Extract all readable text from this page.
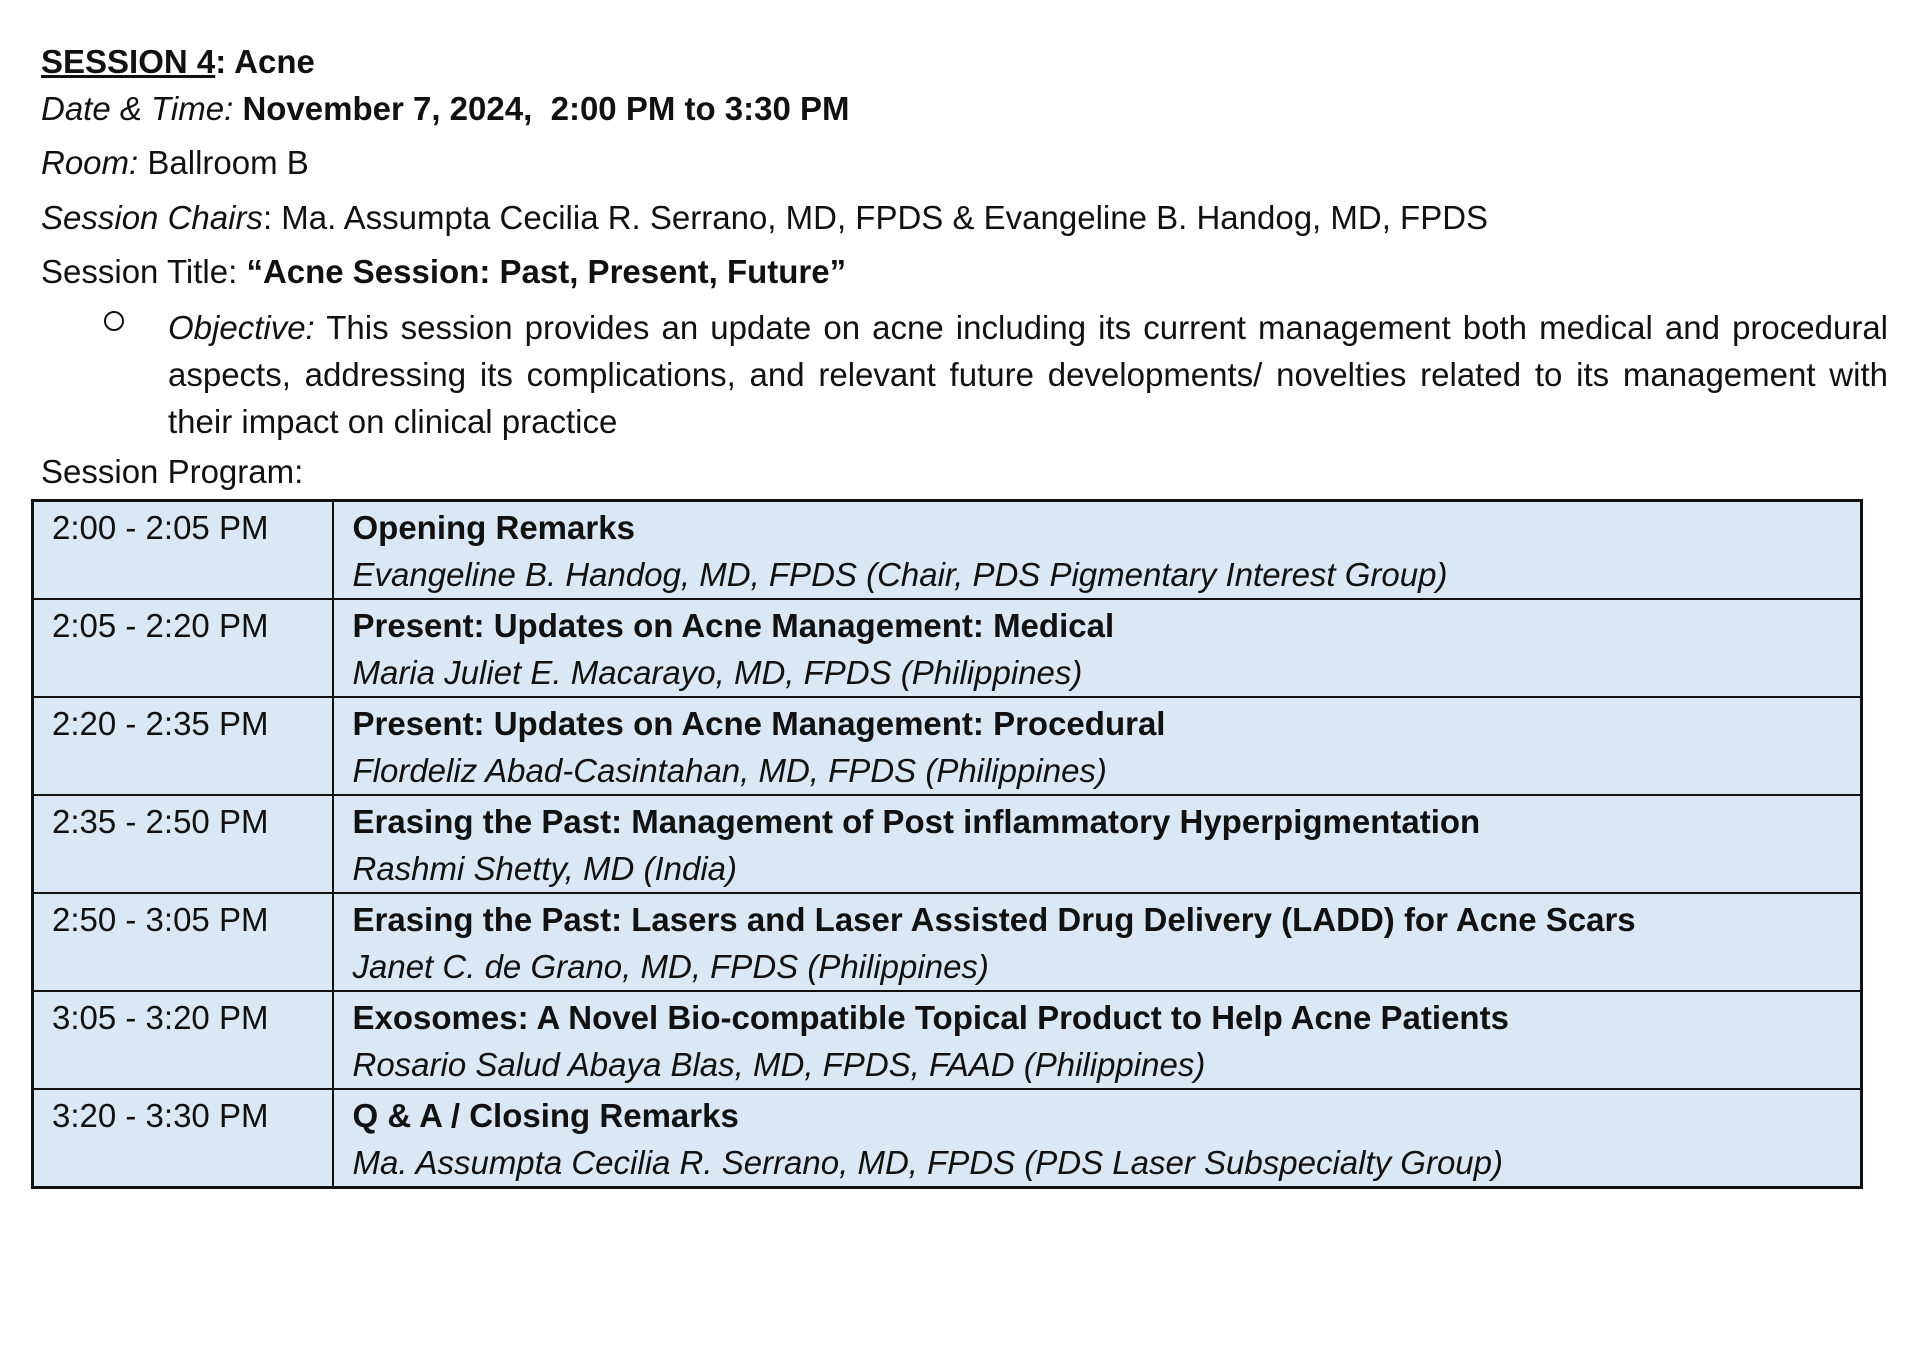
SESSION 4: Acne
Date & Time: November 7, 2024,  2:00 PM to 3:30 PM
Room: Ballroom B
Session Chairs: Ma. Assumpta Cecilia R. Serrano, MD, FPDS & Evangeline B. Handog, MD, FPDS
Session Title: “Acne Session: Past, Present, Future”
Objective: This session provides an update on acne including its current management both medical and procedural aspects, addressing its complications, and relevant future developments/ novelties related to its management with their impact on clinical practice
Session Program:
2:00 - 2:05 PM	Opening Remarks
Evangeline B. Handog, MD, FPDS (Chair, PDS Pigmentary Interest Group)

2:05 - 2:20 PM	Present: Updates on Acne Management: Medical
Maria Juliet E. Macarayo, MD, FPDS (Philippines)

2:20 - 2:35 PM	Present: Updates on Acne Management: Procedural
Flordeliz Abad-Casintahan, MD, FPDS (Philippines)

2:35 - 2:50 PM	Erasing the Past: Management of Post inflammatory Hyperpigmentation
Rashmi Shetty, MD (India)

2:50 - 3:05 PM	Erasing the Past: Lasers and Laser Assisted Drug Delivery (LADD) for Acne Scars
Janet C. de Grano, MD, FPDS (Philippines)

3:05 - 3:20 PM	Exosomes: A Novel Bio-compatible Topical Product to Help Acne Patients
Rosario Salud Abaya Blas, MD, FPDS, FAAD (Philippines)

3:20 - 3:30 PM	Q & A / Closing Remarks
Ma. Assumpta Cecilia R. Serrano, MD, FPDS (PDS Laser Subspecialty Group)
